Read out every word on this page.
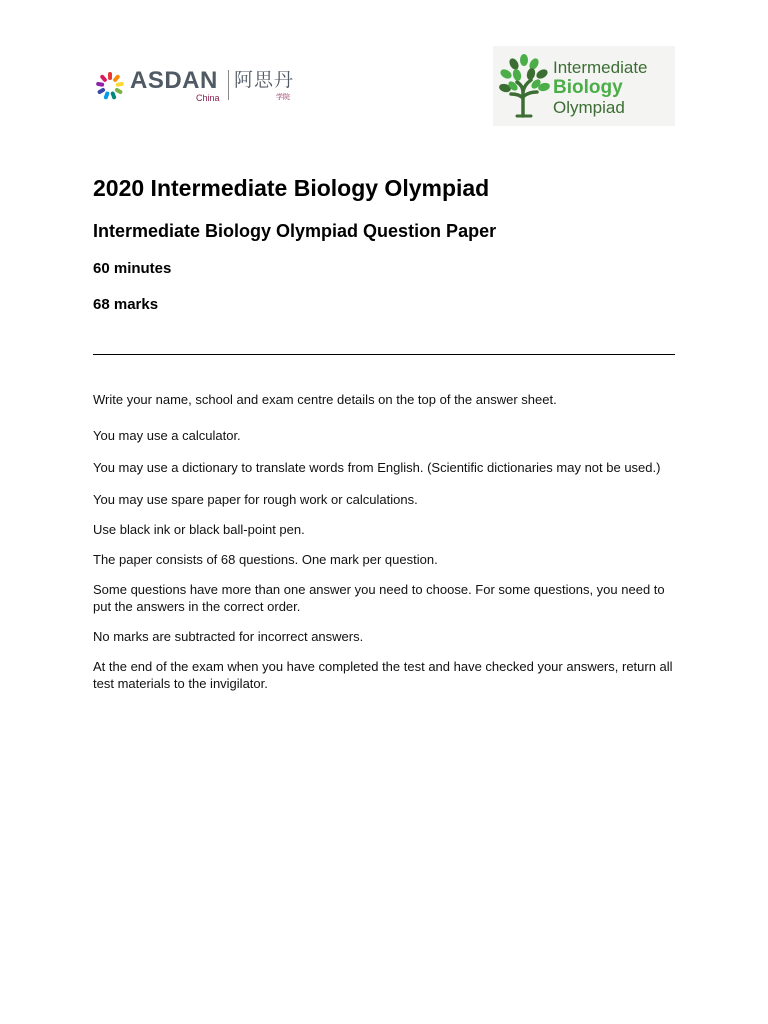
ASDAN
China
阿思丹
学院
Intermediate
Biology
Olympiad
2020 Intermediate Biology Olympiad
Intermediate Biology Olympiad Question Paper
60 minutes
68 marks
Write your name, school and exam centre details on the top of the answer sheet.
You may use a calculator.
You may use a dictionary to translate words from English. (Scientific dictionaries may not be used.)
You may use spare paper for rough work or calculations.
Use black ink or black ball-point pen.
The paper consists of 68 questions. One mark per question.
Some questions have more than one answer you need to choose. For some questions, you need to put the answers in the correct order.
No marks are subtracted for incorrect answers.
At the end of the exam when you have completed the test and have checked your answers, return all test materials to the invigilator.
